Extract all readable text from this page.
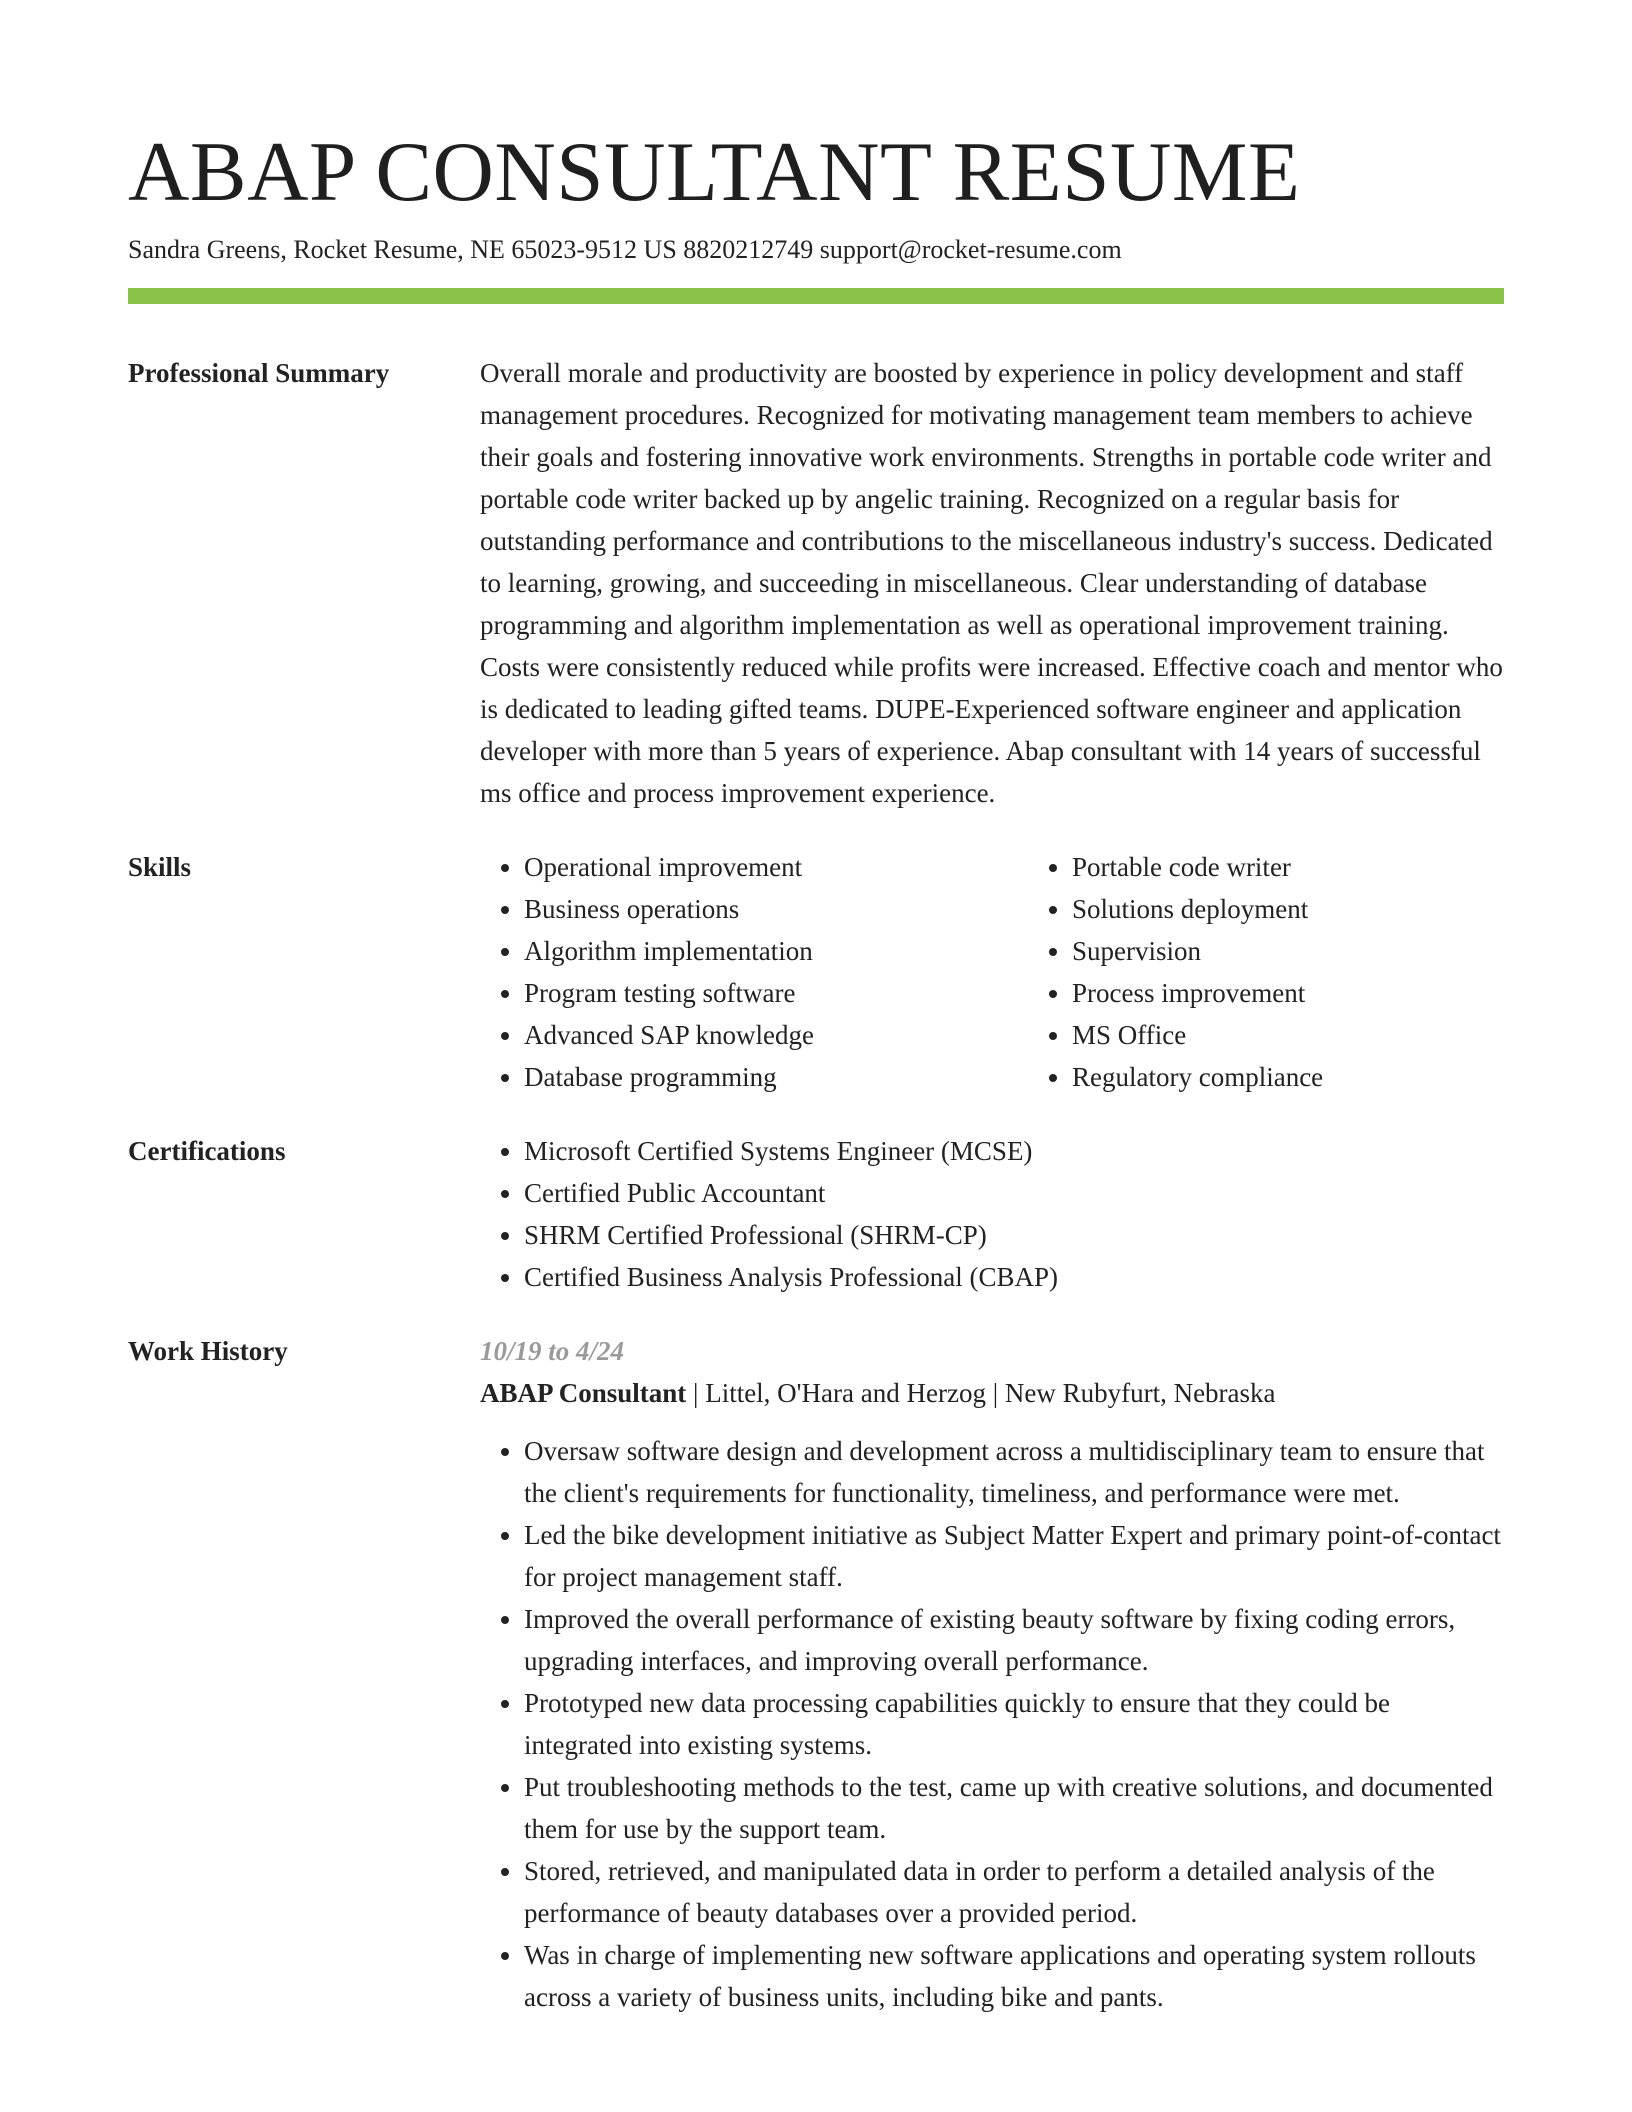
ABAP CONSULTANT RESUME
Sandra Greens, Rocket Resume, NE 65023-9512 US 8820212749 support@rocket-resume.com
Professional Summary	Overall morale and productivity are boosted by experience in policy development and staff management procedures. Recognized for motivating management team members to achieve their goals and fostering innovative work environments. Strengths in portable code writer and portable code writer backed up by angelic training. Recognized on a regular basis for outstanding performance and contributions to the miscellaneous industry's success. Dedicated to learning, growing, and succeeding in miscellaneous. Clear understanding of database programming and algorithm implementation as well as operational improvement training. Costs were consistently reduced while profits were increased. Effective coach and mentor who is dedicated to leading gifted teams. DUPE-Experienced software engineer and application developer with more than 5 years of experience. Abap consultant with 14 years of successful ms office and process improvement experience.
Skills	• Operational improvement
• Business operations
• Algorithm implementation
• Program testing software
• Advanced SAP knowledge
• Database programming
• Portable code writer
• Solutions deployment
• Supervision
• Process improvement
• MS Office
• Regulatory compliance
Certifications	• Microsoft Certified Systems Engineer (MCSE)
• Certified Public Accountant
• SHRM Certified Professional (SHRM-CP)
• Certified Business Analysis Professional (CBAP)
Work History	10/19 to 4/24
ABAP Consultant | Littel, O'Hara and Herzog | New Rubyfurt, Nebraska
• Oversaw software design and development across a multidisciplinary team to ensure that the client's requirements for functionality, timeliness, and performance were met.
• Led the bike development initiative as Subject Matter Expert and primary point-of-contact for project management staff.
• Improved the overall performance of existing beauty software by fixing coding errors, upgrading interfaces, and improving overall performance.
• Prototyped new data processing capabilities quickly to ensure that they could be integrated into existing systems.
• Put troubleshooting methods to the test, came up with creative solutions, and documented them for use by the support team.
• Stored, retrieved, and manipulated data in order to perform a detailed analysis of the performance of beauty databases over a provided period.
• Was in charge of implementing new software applications and operating system rollouts across a variety of business units, including bike and pants.
